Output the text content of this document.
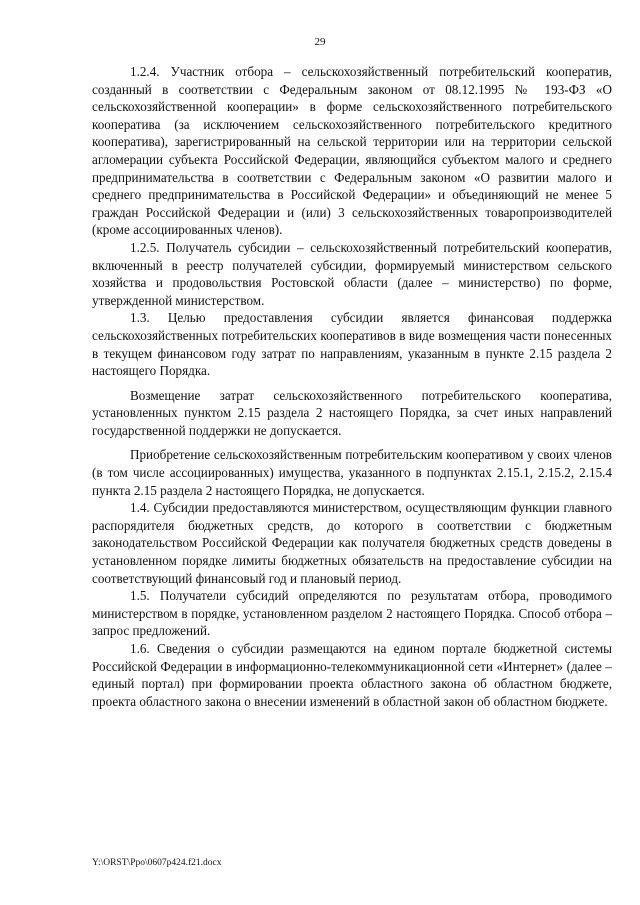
29

1.2.4. Участник отбора – сельскохозяйственный потребительский кооператив, созданный в соответствии с Федеральным законом от 08.12.1995 № 193-ФЗ «О сельскохозяйственной кооперации» в форме сельскохозяйственного потребительского кооператива (за исключением сельскохозяйственного потребительского кредитного кооператива), зарегистрированный на сельской территории или на территории сельской агломерации субъекта Российской Федерации, являющийся субъектом малого и среднего предпринимательства в соответствии с Федеральным законом «О развитии малого и среднего предпринимательства в Российской Федерации» и объединяющий не менее 5 граждан Российской Федерации и (или) 3 сельскохозяйственных товаропроизводителей (кроме ассоциированных членов).

1.2.5. Получатель субсидии – сельскохозяйственный потребительский кооператив, включенный в реестр получателей субсидии, формируемый министерством сельского хозяйства и продовольствия Ростовской области (далее – министерство) по форме, утвержденной министерством.

1.3. Целью предоставления субсидии является финансовая поддержка сельскохозяйственных потребительских кооперативов в виде возмещения части понесенных в текущем финансовом году затрат по направлениям, указанным в пункте 2.15 раздела 2 настоящего Порядка.

Возмещение затрат сельскохозяйственного потребительского кооператива, установленных пунктом 2.15 раздела 2 настоящего Порядка, за счет иных направлений государственной поддержки не допускается.

Приобретение сельскохозяйственным потребительским кооперативом у своих членов (в том числе ассоциированных) имущества, указанного в подпунктах 2.15.1, 2.15.2, 2.15.4 пункта 2.15 раздела 2 настоящего Порядка, не допускается.

1.4. Субсидии предоставляются министерством, осуществляющим функции главного распорядителя бюджетных средств, до которого в соответствии с бюджетным законодательством Российской Федерации как получателя бюджетных средств доведены в установленном порядке лимиты бюджетных обязательств на предоставление субсидии на соответствующий финансовый год и плановый период.

1.5. Получатели субсидий определяются по результатам отбора, проводимого министерством в порядке, установленном разделом 2 настоящего Порядка. Способ отбора – запрос предложений.

1.6. Сведения о субсидии размещаются на едином портале бюджетной системы Российской Федерации в информационно-телекоммуникационной сети «Интернет» (далее – единый портал) при формировании проекта областного закона об областном бюджете, проекта областного закона о внесении изменений в областной закон об областном бюджете.

Y:\ORST\Ppo\0607p424.f21.docx
